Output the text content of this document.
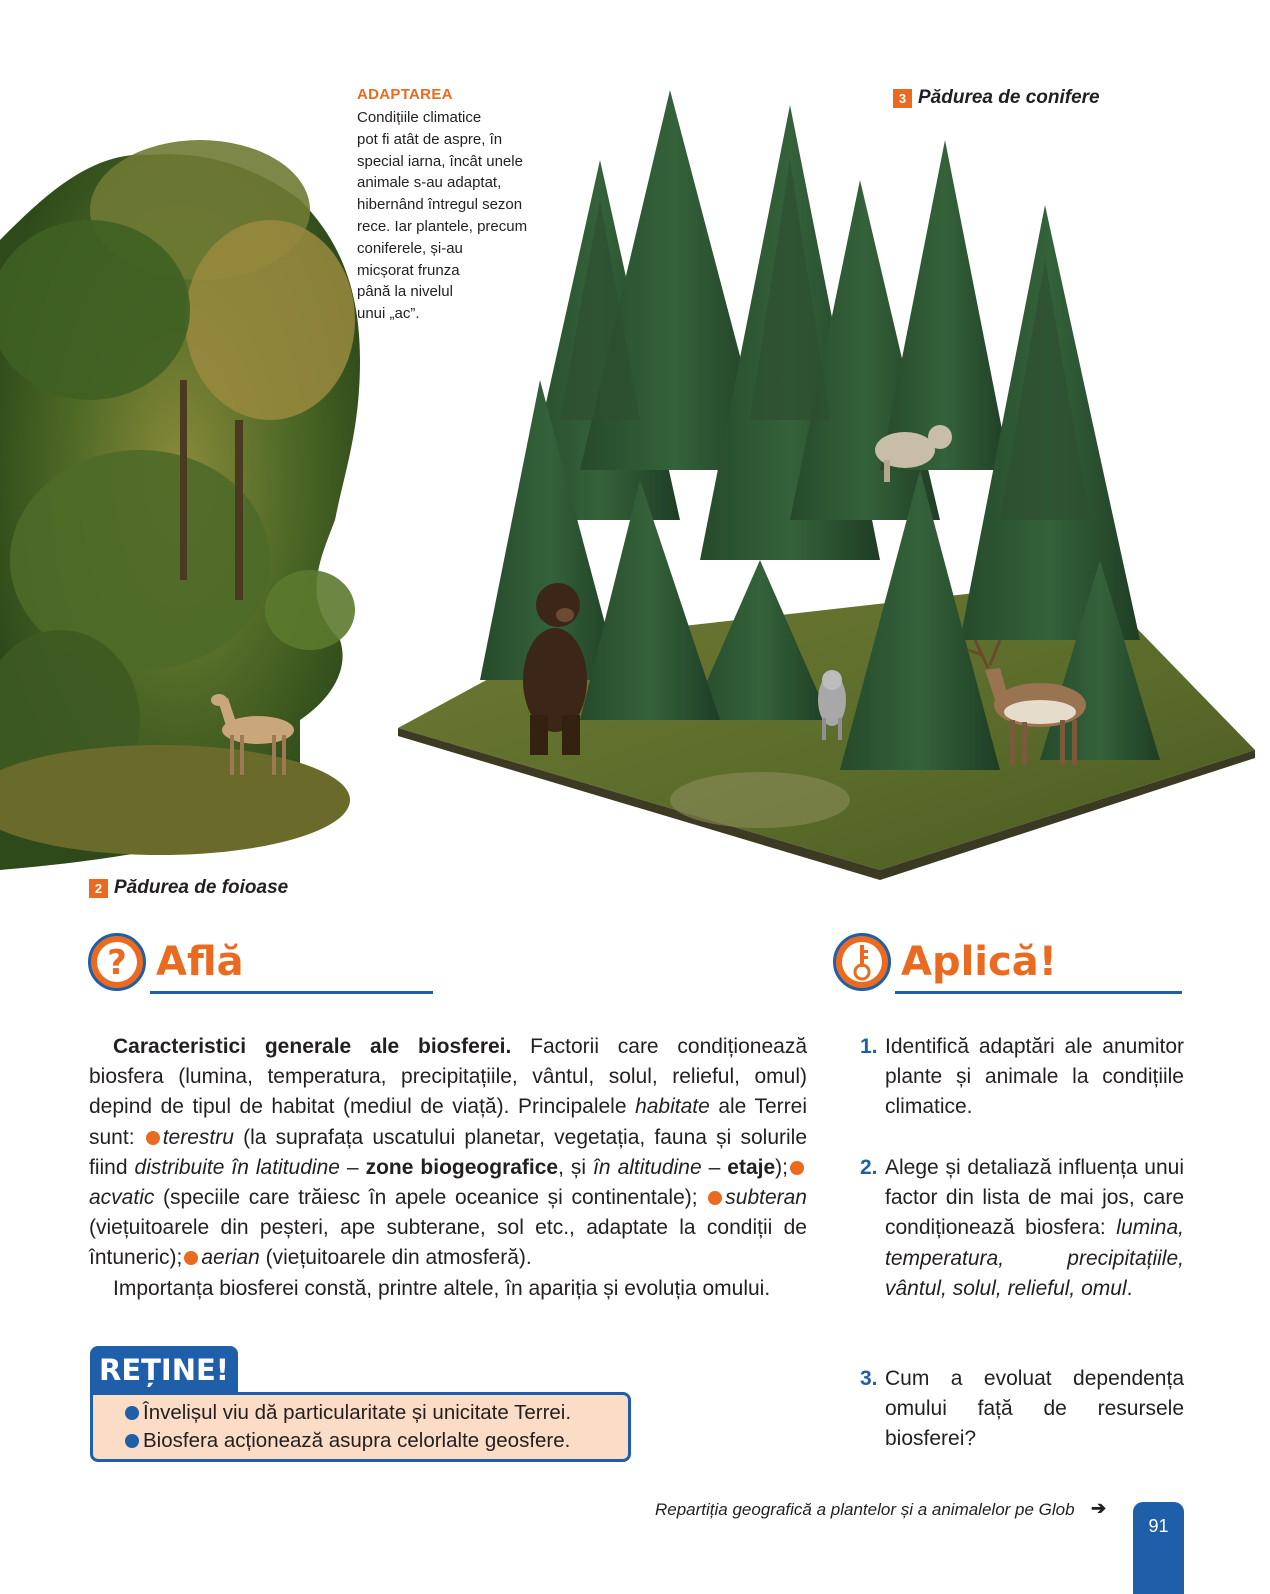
ADAPTAREA
Condițiile climatice
pot fi atât de aspre, în
special iarna, încât unele
animale s-au adaptat,
hibernând întregul sezon
rece. Iar plantele, precum
coniferele, și-au
micșorat frunza
până la nivelul
unui „ac”.
3 Pădurea de conifere
2 Pădurea de foioase
? Află	Aplică!

Caracteristici generale ale biosferei. Factorii care condiționează biosfera (lumina, temperatura, precipitațiile, vântul, solul, relieful, omul) depind de tipul de habitat (mediul de viață). Principalele habitate ale Terrei sunt: terestru (la suprafața uscatului planetar, vegetația, fauna și solurile fiind distribuite în latitudine – zone biogeografice, și în altitudine – etaje);acvatic (speciile care trăiesc în apele oceanice și continentale); subteran (viețuitoarele din peșteri, ape subterane, sol etc., adaptate la condiții de întuneric); aerian (viețuitoarele din atmosferă).

Importanța biosferei constă, printre altele, în apariția și evoluția omului.

REȚINE!
Învelișul viu dă particularitate și unicitate Terrei.
Biosfera acționează asupra celorlalte geosfere.
1. Identifică adaptări ale anumitor plante și animale la condițiile climatice.
2. Alege și detaliază influența unui factor din lista de mai jos, care condiționează biosfera: lumina, temperatura, precipitațiile, vântul, solul, relieful, omul.
3. Cum a evoluat dependența omului față de resursele biosferei?
Repartiția geografică a plantelor și a animalelor pe Glob ➔
91
